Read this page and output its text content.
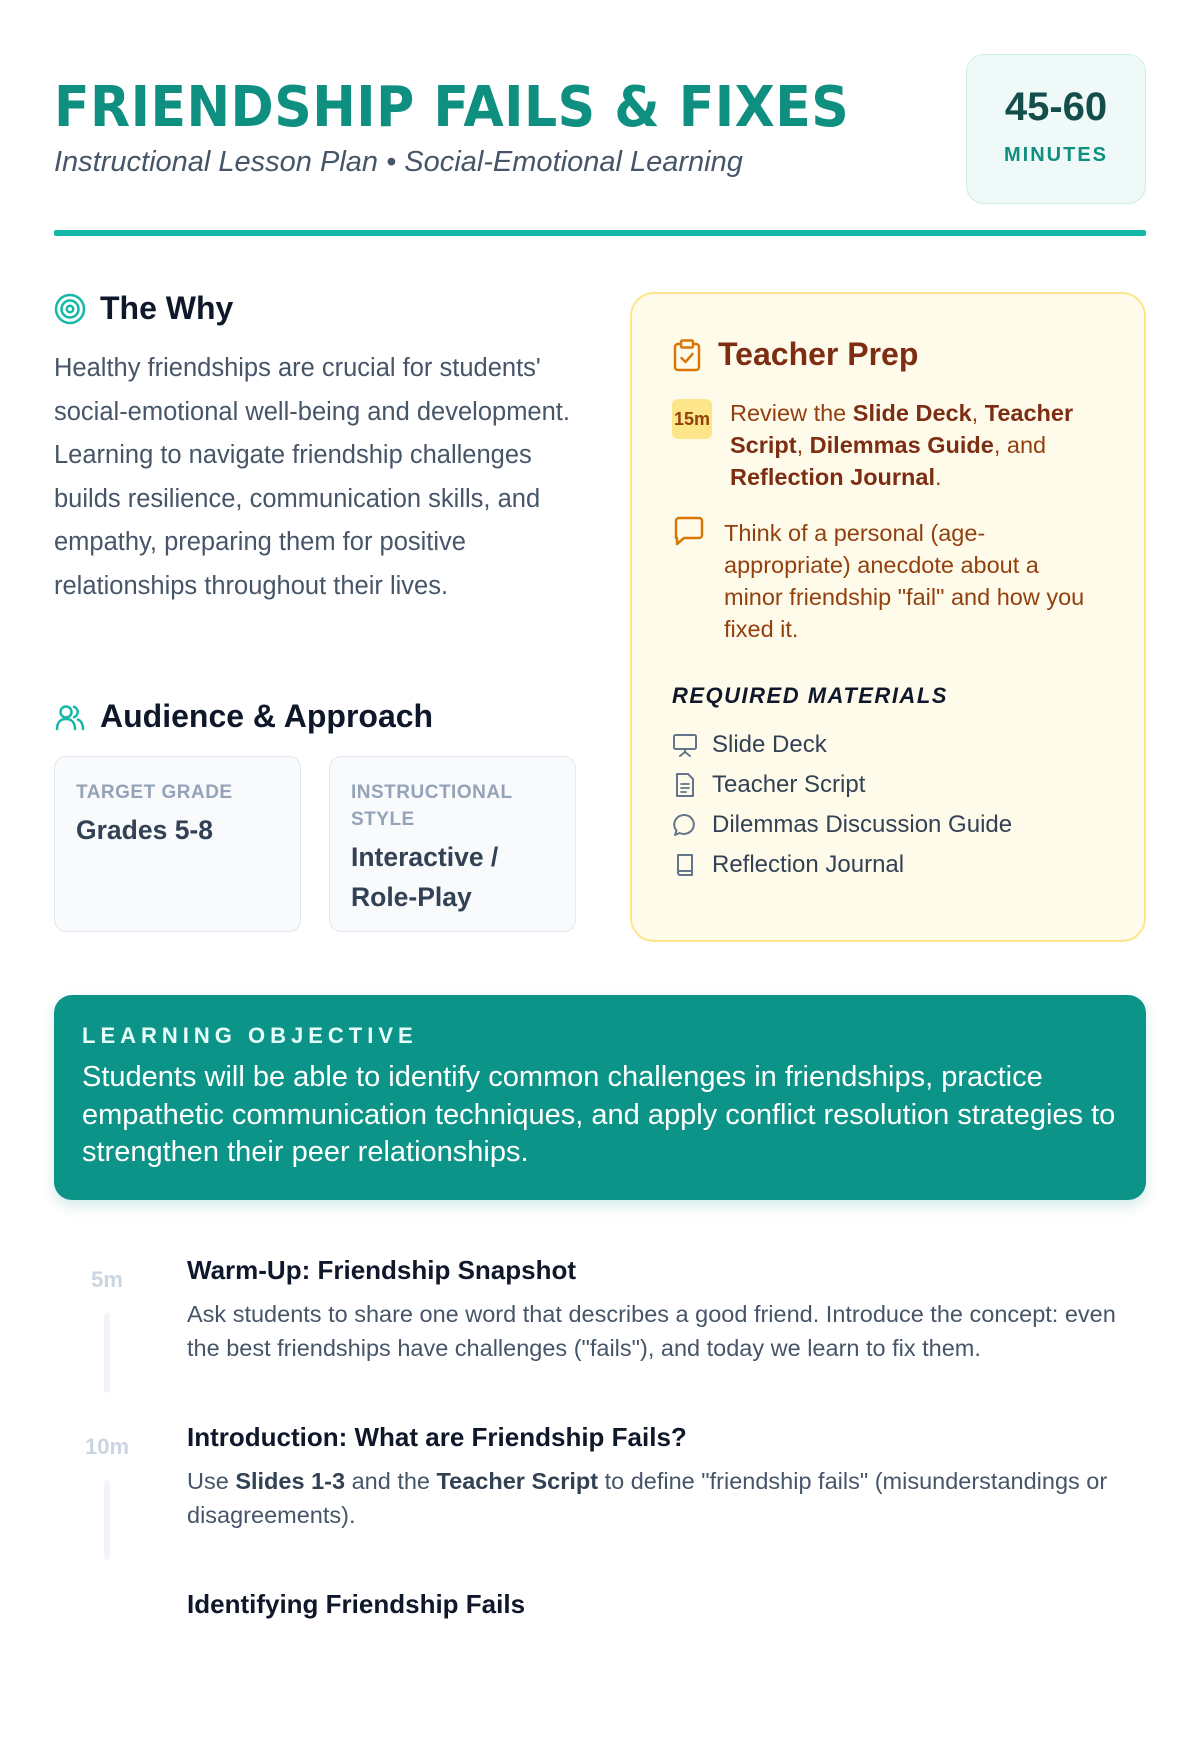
FRIENDSHIP FAILS & FIXES
Instructional Lesson Plan • Social-Emotional Learning
45-60
MINUTES
The Why
Healthy friendships are crucial for students' social-emotional well-being and development. Learning to navigate friendship challenges builds resilience, communication skills, and empathy, preparing them for positive relationships throughout their lives.
Audience & Approach
TARGET GRADE
Grades 5-8
INSTRUCTIONAL STYLE
Interactive / Role-Play
Teacher Prep
15m Review the Slide Deck, Teacher Script, Dilemmas Guide, and Reflection Journal.
Think of a personal (age-appropriate) anecdote about a minor friendship "fail" and how you fixed it.
REQUIRED MATERIALS
Slide Deck
Teacher Script
Dilemmas Discussion Guide
Reflection Journal
LEARNING OBJECTIVE
Students will be able to identify common challenges in friendships, practice empathetic communication techniques, and apply conflict resolution strategies to strengthen their peer relationships.
5m	Warm-Up: Friendship Snapshot
Ask students to share one word that describes a good friend. Introduce the concept: even the best friendships have challenges ("fails"), and today we learn to fix them.
10m	Introduction: What are Friendship Fails?
Use Slides 1-3 and the Teacher Script to define "friendship fails" (misunderstandings or disagreements).
Identifying Friendship Fails
